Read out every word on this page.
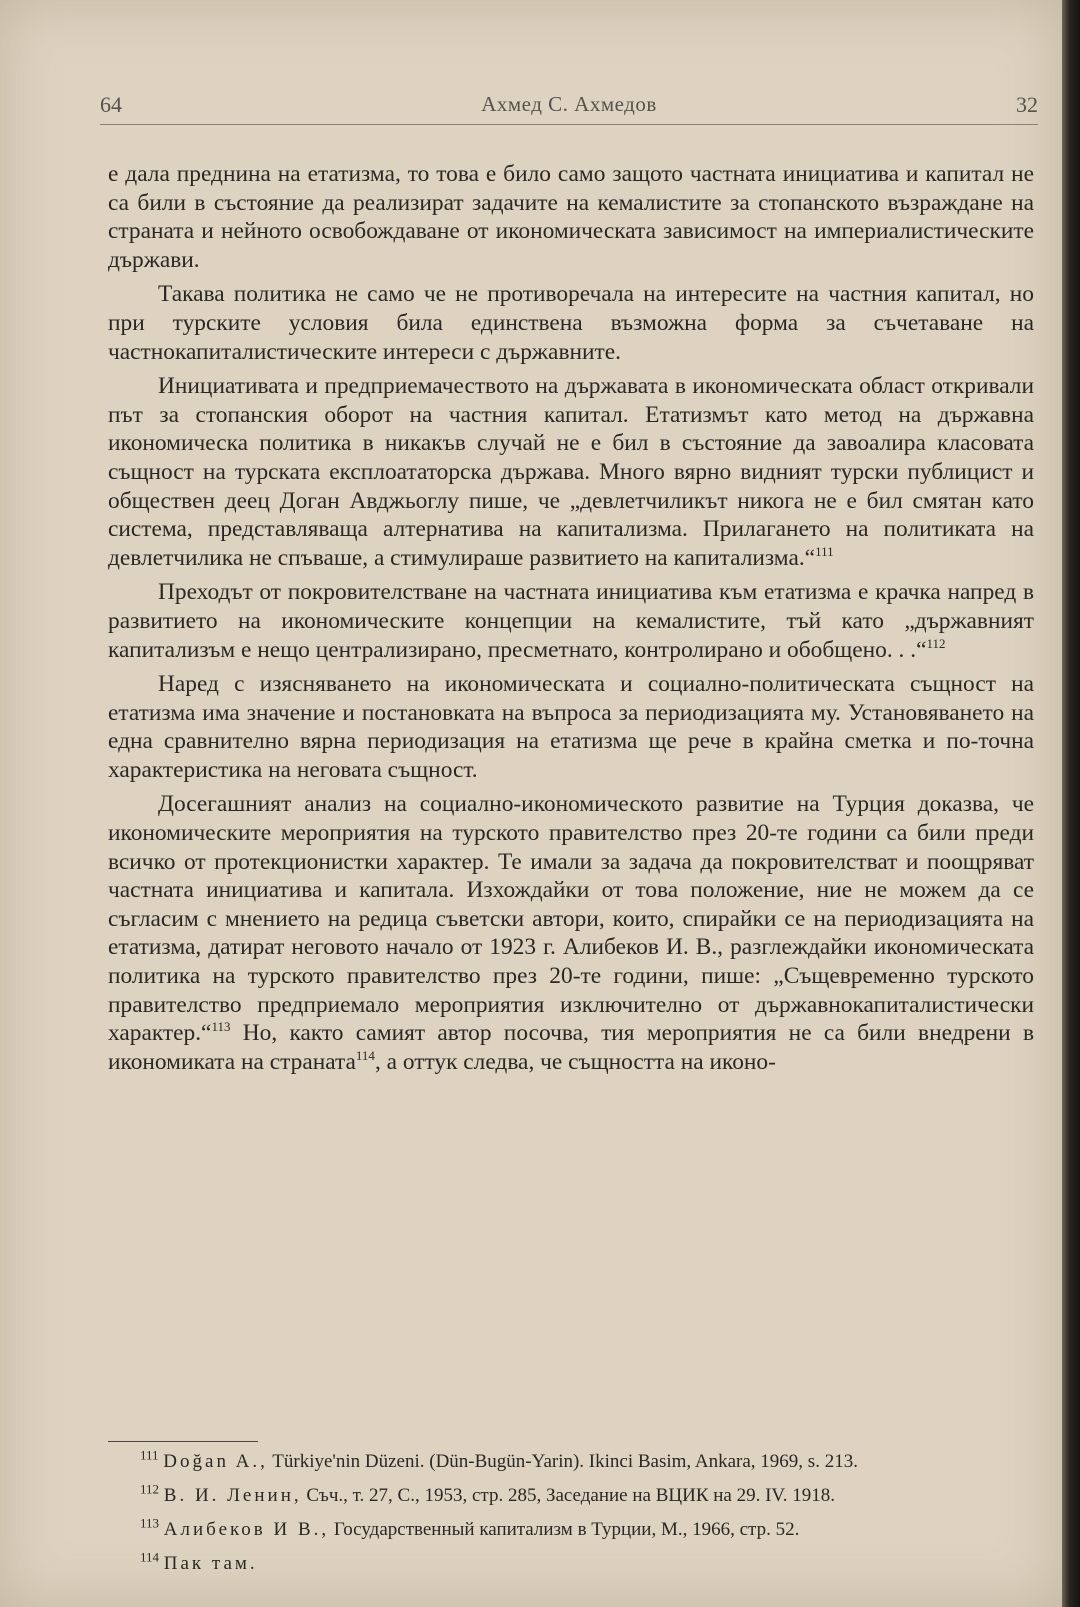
64	Ахмед С. Ахмедов	32

е дала преднина на етатизма, то това е било само защото частната инициатива и капитал не са били в състояние да реализират задачите на кемалистите за стопанското възраждане на страната и нейното освобождаване от икономическата зависимост на империалистическите държави.

Такава политика не само че не противоречала на интересите на частния капитал, но при турските условия била единствена възможна форма за съчетаване на частнокапиталистическите интереси с държавните.

Инициативата и предприемачеството на държавата в икономическата област откривали път за стопанския оборот на частния капитал. Етатизмът като метод на държавна икономическа политика в никакъв случай не е бил в състояние да завоалира класовата същност на турската експлоататорска държава. Много вярно видният турски публицист и обществен деец Доган Авджьоглу пише, че „девлетчиликът никога не е бил смятан като система, представляваща алтернатива на капитализма. Прилагането на политиката на девлетчилика не спъваше, а стимулираше развитието на капитализма.“$^{111}$

Преходът от покровителстване на частната инициатива към етатизма е крачка напред в развитието на икономическите концепции на кемалистите, тъй като „държавният капитализъм е нещо централизирано, пресметнато, контролирано и обобщено. . .“$^{112}$

Наред с изясняването на икономическата и социално-политическата същност на етатизма има значение и постановката на въпроса за периодизацията му. Установяването на една сравнително вярна периодизация на етатизма ще рече в крайна сметка и по-точна характеристика на неговата същност.

Досегашният анализ на социално-икономическото развитие на Турция доказва, че икономическите мероприятия на турското правителство през 20-те години са били преди всичко от протекционистки характер. Те имали за задача да покровителстват и поощряват частната инициатива и капитала. Изхождайки от това положение, ние не можем да се съгласим с мнението на редица съветски автори, които, спирайки се на периодизацията на етатизма, датират неговото начало от 1923 г. Алибеков И. В., разглеждайки икономическата политика на турското правителство през 20-те години, пише: „Същевременно турското правителство предприемало мероприятия изключително от държавнокапиталистически характер.“$^{113}$ Но, както самият автор посочва, тия мероприятия не са били внедрени в икономиката на страната$^{114}$, а оттук следва, че същността на иконо-

$^{111}$ Doğan A., Türkiye'nin Düzeni. (Dün-Bugün-Yarin). Ikinci Basim, Ankara, 1969, s. 213.

$^{112}$ В. И. Ленин, Съч., т. 27, С., 1953, стр. 285, Заседание на ВЦИК на 29. IV. 1918.

$^{113}$ Алибеков И В., Государственный капитализм в Турции, М., 1966, стр. 52.

$^{114}$ Пак там.
